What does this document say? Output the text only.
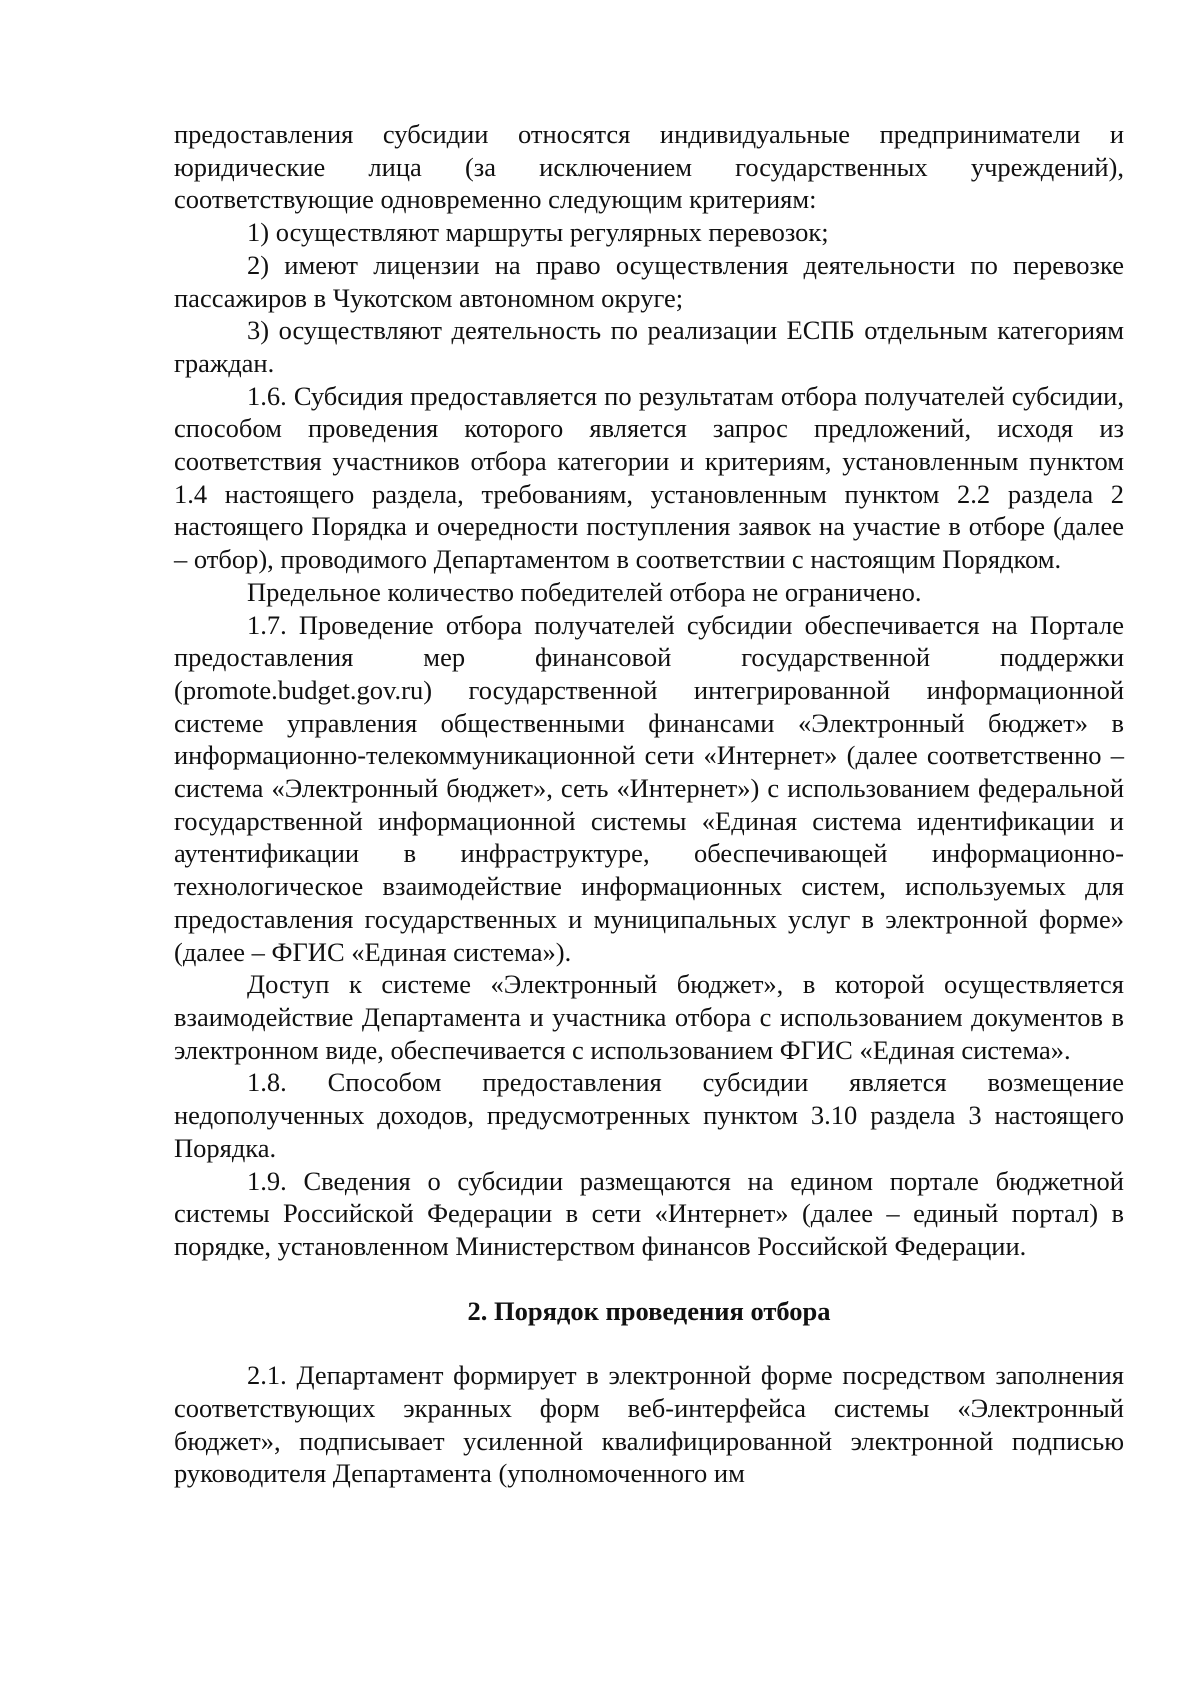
предоставления субсидии относятся индивидуальные предприниматели и юридические лица (за исключением государственных учреждений), соответствующие одновременно следующим критериям:

1) осуществляют маршруты регулярных перевозок;

2) имеют лицензии на право осуществления деятельности по перевозке пассажиров в Чукотском автономном округе;

3) осуществляют деятельность по реализации ЕСПБ отдельным категориям граждан.

1.6. Субсидия предоставляется по результатам отбора получателей субсидии, способом проведения которого является запрос предложений, исходя из соответствия участников отбора категории и критериям, установленным пунктом 1.4 настоящего раздела, требованиям, установленным пунктом 2.2 раздела 2 настоящего Порядка и очередности поступления заявок на участие в отборе (далее – отбор), проводимого Департаментом в соответствии с настоящим Порядком.

Предельное количество победителей отбора не ограничено.

1.7. Проведение отбора получателей субсидии обеспечивается на Портале предоставления мер финансовой государственной поддержки (promote.budget.gov.ru) государственной интегрированной информационной системе управления общественными финансами «Электронный бюджет» в информационно-телекоммуникационной сети «Интернет» (далее соответственно – система «Электронный бюджет», сеть «Интернет») с использованием федеральной государственной информационной системы «Единая система идентификации и аутентификации в инфраструктуре, обеспечивающей информационно-технологическое взаимодействие информационных систем, используемых для предоставления государственных и муниципальных услуг в электронной форме» (далее – ФГИС «Единая система»).

Доступ к системе «Электронный бюджет», в которой осуществляется взаимодействие Департамента и участника отбора с использованием документов в электронном виде, обеспечивается с использованием ФГИС «Единая система».

1.8. Способом предоставления субсидии является возмещение недополученных доходов, предусмотренных пунктом 3.10 раздела 3 настоящего Порядка.

1.9. Сведения о субсидии размещаются на едином портале бюджетной системы Российской Федерации в сети «Интернет» (далее – единый портал) в порядке, установленном Министерством финансов Российской Федерации.

2. Порядок проведения отбора

2.1. Департамент формирует в электронной форме посредством заполнения соответствующих экранных форм веб-интерфейса системы «Электронный бюджет», подписывает усиленной квалифицированной электронной подписью руководителя Департамента (уполномоченного им
